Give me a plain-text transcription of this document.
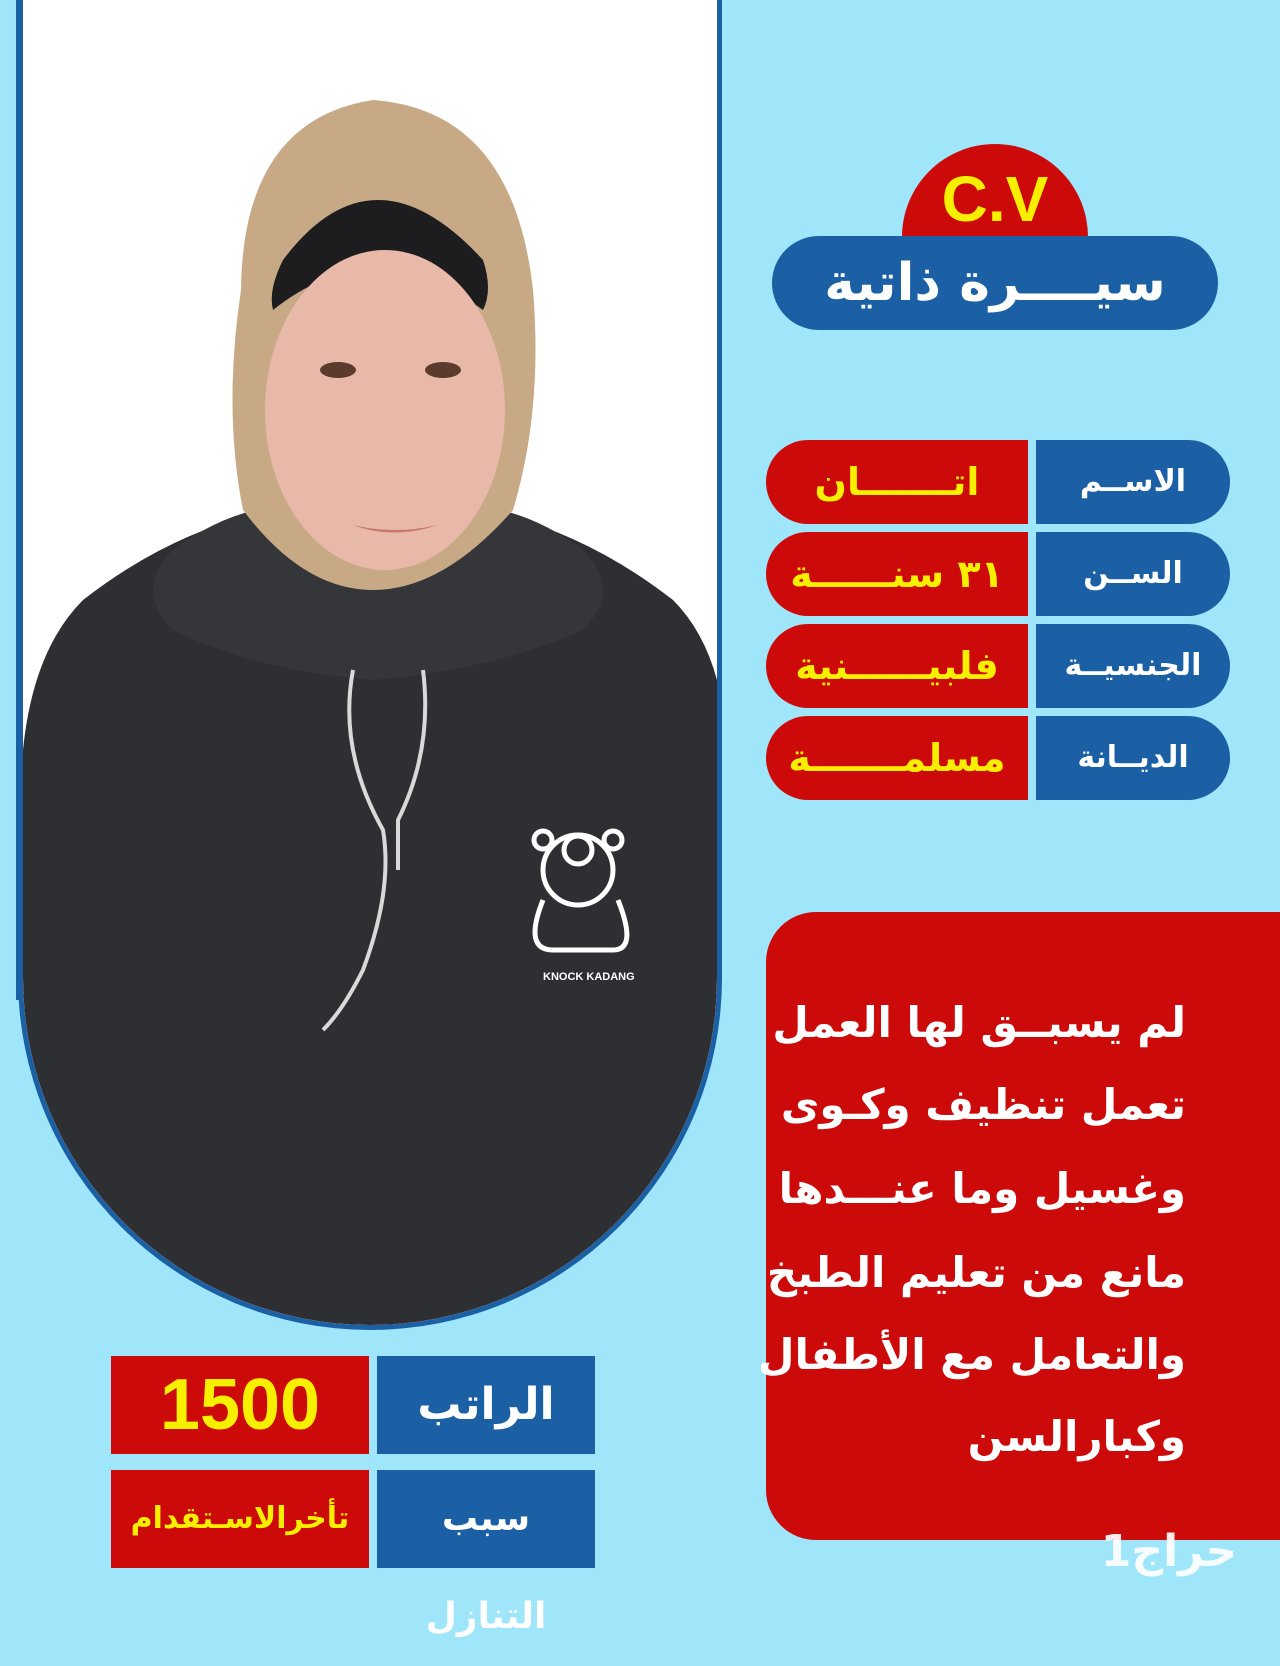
KNOCK KADANG
C.V
سيــــرة ذاتية
اتـــــــان	الاســم
٣١ سنــــــة	الســن
فلبيــــــنية	الجنسيــة
مسلمـــــــة	الديــانة
لم يسبــق لها العمل
تعمل تنظيف وكـوى
وغسيل وما عنـــدها
مانع من تعليم الطبخ
والتعامل مع الأطفال
وكبارالسن
1500	الراتب
تأخرالاسـتقدام	سبب التنازل
حراج1
